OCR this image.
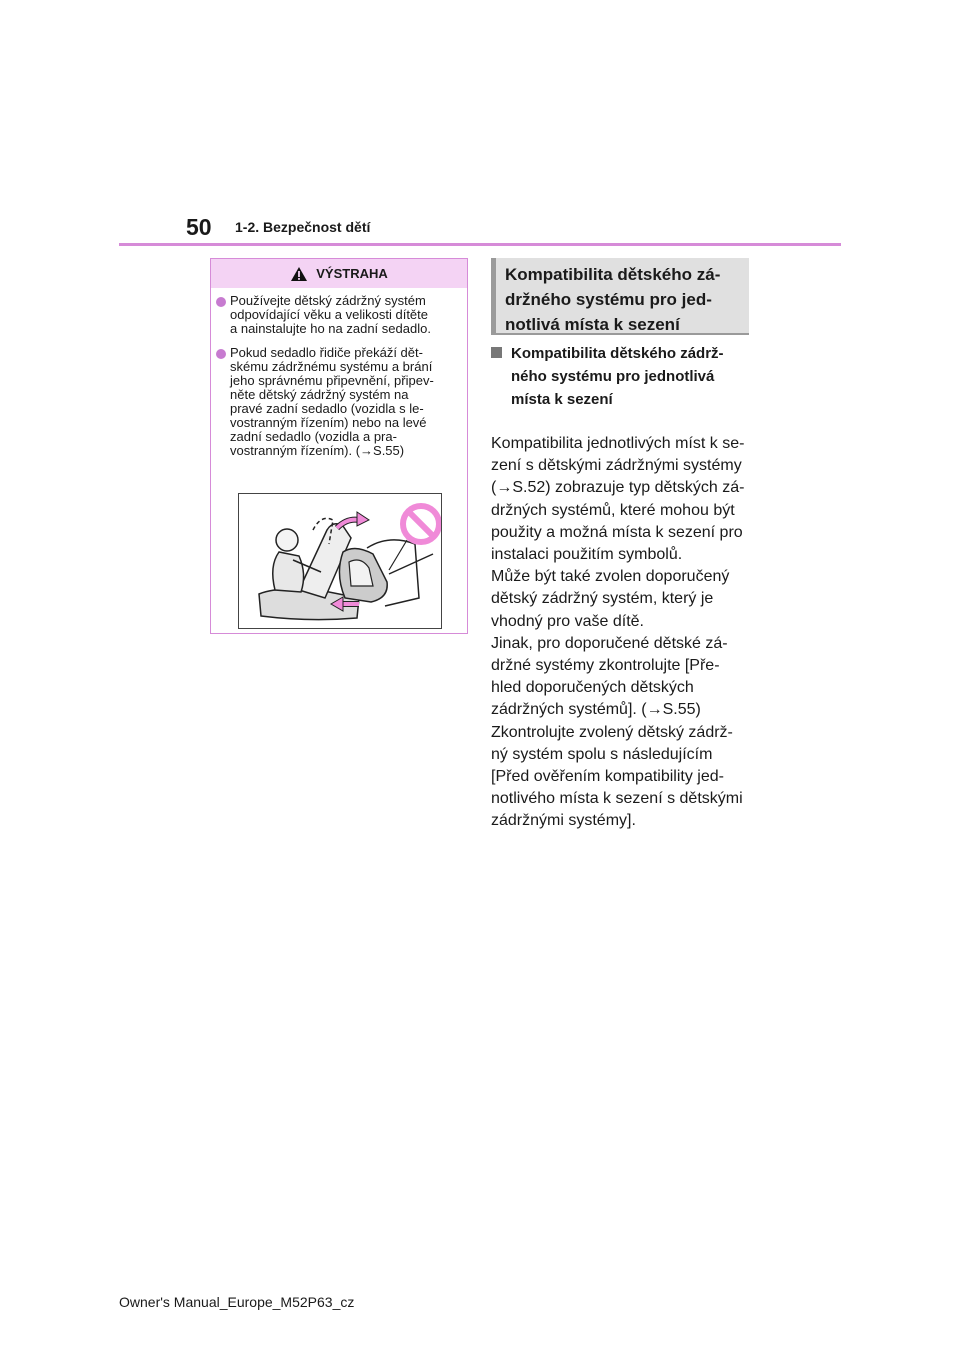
50 1-2. Bezpečnost dětí
VÝSTRAHA
Používejte dětský zádržný systém
odpovídající věku a velikosti dítěte
a nainstalujte ho na zadní sedadlo.
Pokud sedadlo řidiče překáží dět-
skému zádržnému systému a brání
jeho správnému připevnění, připev-
něte dětský zádržný systém na
pravé zadní sedadlo (vozidla s le-
vostranným řízením) nebo na levé
zadní sedadlo (vozidla a pra-
vostranným řízením). (→S.55)
Kompatibilita dětského zá-
držného systému pro jed-
notlivá místa k sezení
Kompatibilita dětského zádrž-
ného systému pro jednotlivá
místa k sezení
Kompatibilita jednotlivých míst k se-
zení s dětskými zádržnými systémy
(→S.52) zobrazuje typ dětských zá-
držných systémů, které mohou být
použity a možná místa k sezení pro
instalaci použitím symbolů.
Může být také zvolen doporučený
dětský zádržný systém, který je
vhodný pro vaše dítě.
Jinak, pro doporučené dětské zá-
držné systémy zkontrolujte [Pře-
hled doporučených dětských
zádržných systémů]. (→S.55)
Zkontrolujte zvolený dětský zádrž-
ný systém spolu s následujícím
[Před ověřením kompatibility jed-
notlivého místa k sezení s dětskými
zádržnými systémy].
Owner's Manual_Europe_M52P63_cz
